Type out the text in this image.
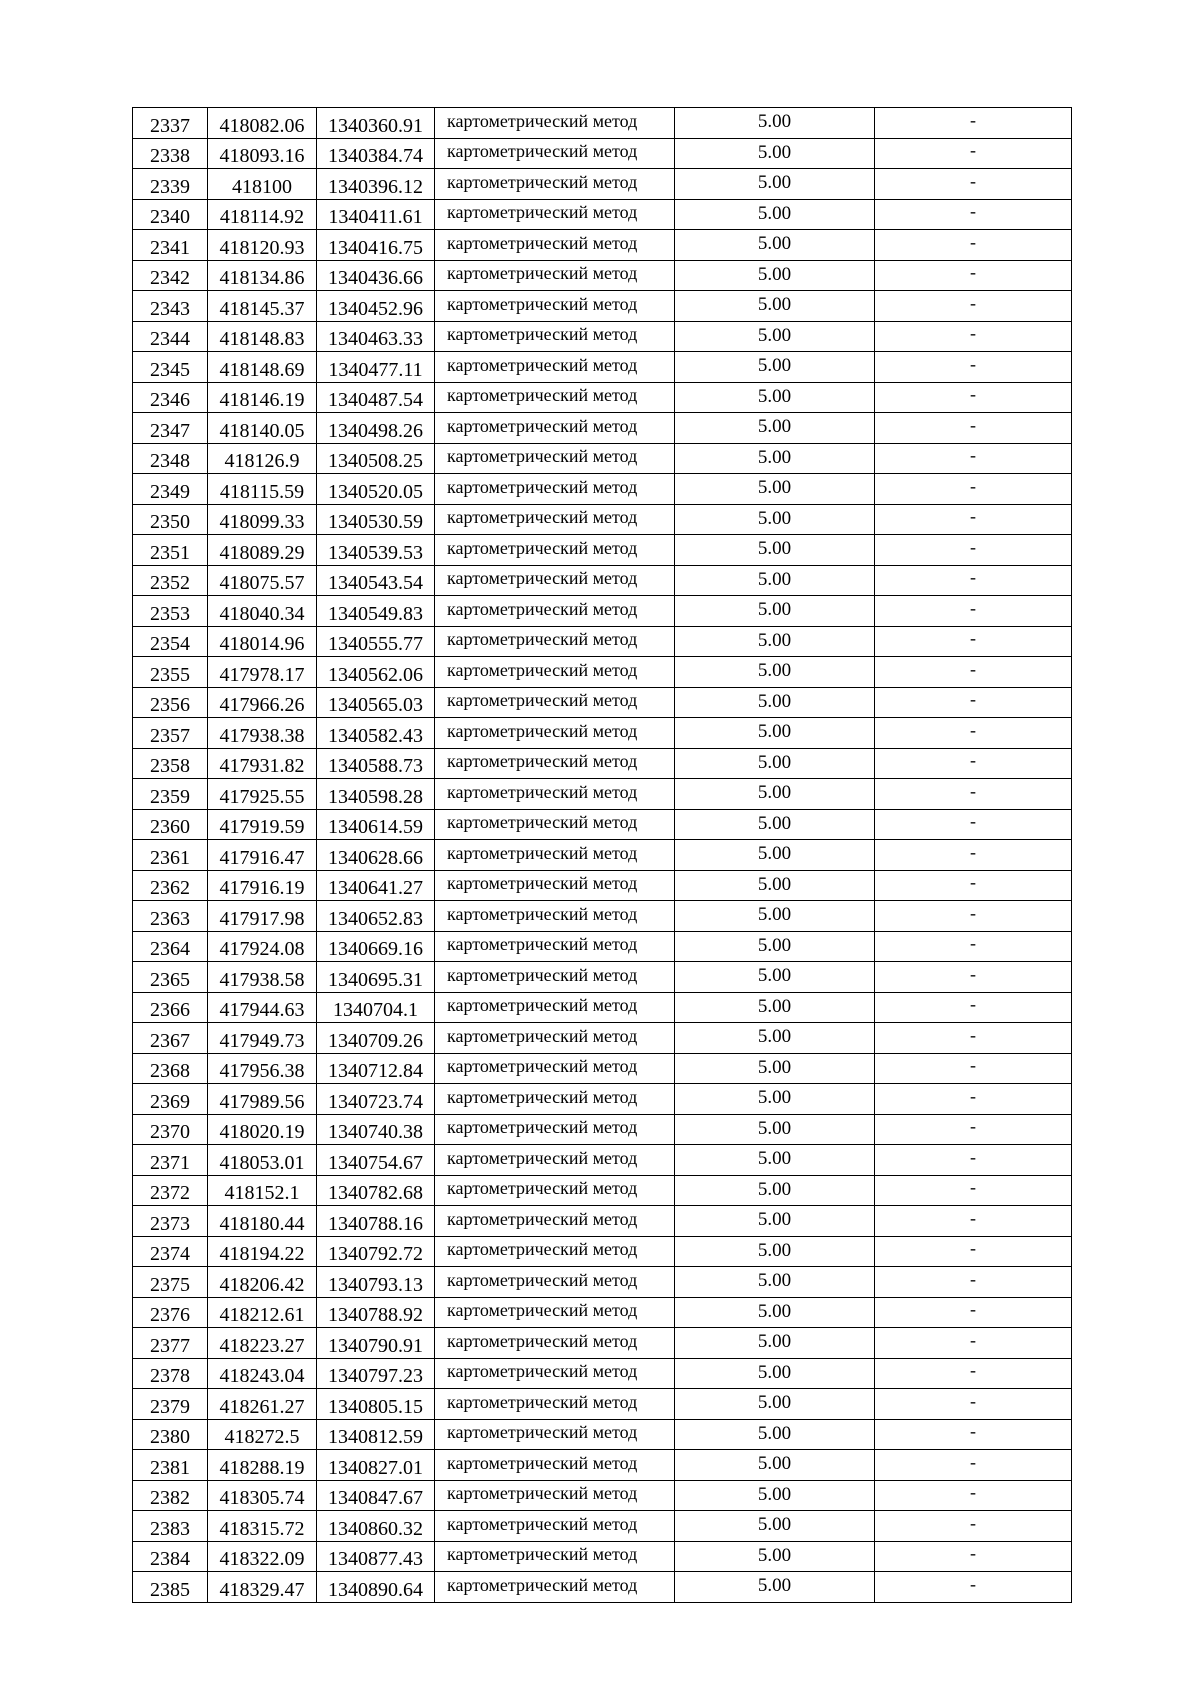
2337	418082.06	1340360.91	картометрический метод	5.00	-
2338	418093.16	1340384.74	картометрический метод	5.00	-
2339	418100	1340396.12	картометрический метод	5.00	-
2340	418114.92	1340411.61	картометрический метод	5.00	-
2341	418120.93	1340416.75	картометрический метод	5.00	-
2342	418134.86	1340436.66	картометрический метод	5.00	-
2343	418145.37	1340452.96	картометрический метод	5.00	-
2344	418148.83	1340463.33	картометрический метод	5.00	-
2345	418148.69	1340477.11	картометрический метод	5.00	-
2346	418146.19	1340487.54	картометрический метод	5.00	-
2347	418140.05	1340498.26	картометрический метод	5.00	-
2348	418126.9	1340508.25	картометрический метод	5.00	-
2349	418115.59	1340520.05	картометрический метод	5.00	-
2350	418099.33	1340530.59	картометрический метод	5.00	-
2351	418089.29	1340539.53	картометрический метод	5.00	-
2352	418075.57	1340543.54	картометрический метод	5.00	-
2353	418040.34	1340549.83	картометрический метод	5.00	-
2354	418014.96	1340555.77	картометрический метод	5.00	-
2355	417978.17	1340562.06	картометрический метод	5.00	-
2356	417966.26	1340565.03	картометрический метод	5.00	-
2357	417938.38	1340582.43	картометрический метод	5.00	-
2358	417931.82	1340588.73	картометрический метод	5.00	-
2359	417925.55	1340598.28	картометрический метод	5.00	-
2360	417919.59	1340614.59	картометрический метод	5.00	-
2361	417916.47	1340628.66	картометрический метод	5.00	-
2362	417916.19	1340641.27	картометрический метод	5.00	-
2363	417917.98	1340652.83	картометрический метод	5.00	-
2364	417924.08	1340669.16	картометрический метод	5.00	-
2365	417938.58	1340695.31	картометрический метод	5.00	-
2366	417944.63	1340704.1	картометрический метод	5.00	-
2367	417949.73	1340709.26	картометрический метод	5.00	-
2368	417956.38	1340712.84	картометрический метод	5.00	-
2369	417989.56	1340723.74	картометрический метод	5.00	-
2370	418020.19	1340740.38	картометрический метод	5.00	-
2371	418053.01	1340754.67	картометрический метод	5.00	-
2372	418152.1	1340782.68	картометрический метод	5.00	-
2373	418180.44	1340788.16	картометрический метод	5.00	-
2374	418194.22	1340792.72	картометрический метод	5.00	-
2375	418206.42	1340793.13	картометрический метод	5.00	-
2376	418212.61	1340788.92	картометрический метод	5.00	-
2377	418223.27	1340790.91	картометрический метод	5.00	-
2378	418243.04	1340797.23	картометрический метод	5.00	-
2379	418261.27	1340805.15	картометрический метод	5.00	-
2380	418272.5	1340812.59	картометрический метод	5.00	-
2381	418288.19	1340827.01	картометрический метод	5.00	-
2382	418305.74	1340847.67	картометрический метод	5.00	-
2383	418315.72	1340860.32	картометрический метод	5.00	-
2384	418322.09	1340877.43	картометрический метод	5.00	-
2385	418329.47	1340890.64	картометрический метод	5.00	-
